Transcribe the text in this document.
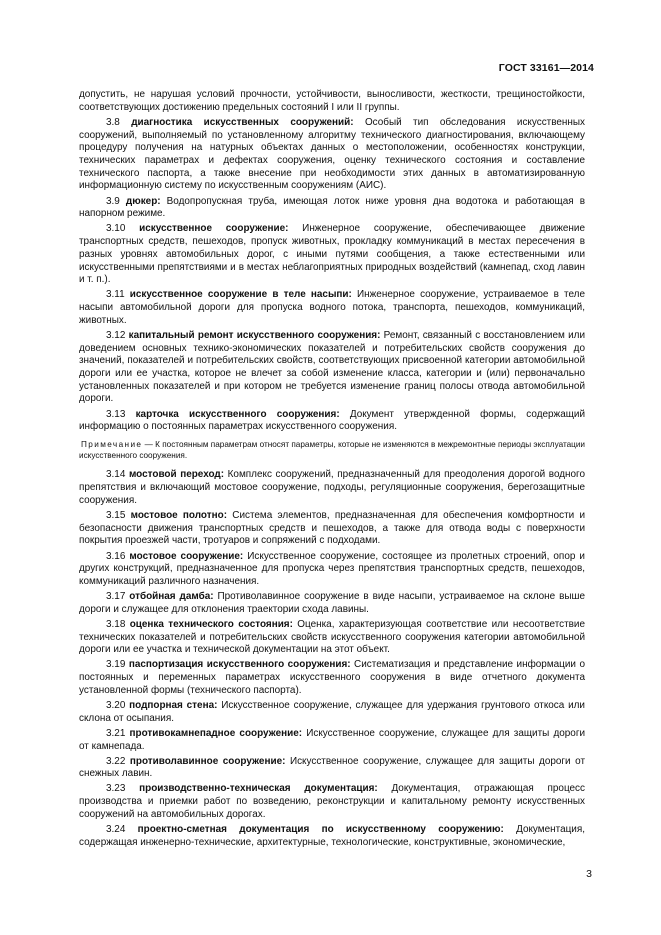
ГОСТ 33161—2014

допустить, не нарушая условий прочности, устойчивости, выносливости, жесткости, трещиностойкости, соответствующих достижению предельных состояний I или II группы.

3.8 диагностика искусственных сооружений: Особый тип обследования искусственных сооружений, выполняемый по установленному алгоритму технического диагностирования, включающему процедуру получения на натурных объектах данных о местоположении, особенностях конструкции, технических параметрах и дефектах сооружения, оценку технического состояния и составление технического паспорта, а также внесение при необходимости этих данных в автоматизированную информационную систему по искусственным сооружениям (АИС).

3.9 дюкер: Водопропускная труба, имеющая лоток ниже уровня дна водотока и работающая в напорном режиме.

3.10 искусственное сооружение: Инженерное сооружение, обеспечивающее движение транспортных средств, пешеходов, пропуск животных, прокладку коммуникаций в местах пересечения в разных уровнях автомобильных дорог, с иными путями сообщения, а также естественными или искусственными препятствиями и в местах неблагоприятных природных воздействий (камнепад, сход лавин и т. п.).

3.11 искусственное сооружение в теле насыпи: Инженерное сооружение, устраиваемое в теле насыпи автомобильной дороги для пропуска водного потока, транспорта, пешеходов, коммуникаций, животных.

3.12 капитальный ремонт искусственного сооружения: Ремонт, связанный с восстановлением или доведением основных технико-экономических показателей и потребительских свойств сооружения до значений, показателей и потребительских свойств, соответствующих присвоенной категории автомобильной дороги или ее участка, которое не влечет за собой изменение класса, категории и (или) первоначально установленных показателей и при котором не требуется изменение границ полосы отвода автомобильной дороги.

3.13 карточка искусственного сооружения: Документ утвержденной формы, содержащий информацию о постоянных параметрах искусственного сооружения.

Примечание — К постоянным параметрам относят параметры, которые не изменяются в межремонтные периоды эксплуатации искусственного сооружения.

3.14 мостовой переход: Комплекс сооружений, предназначенный для преодоления дорогой водного препятствия и включающий мостовое сооружение, подходы, регуляционные сооружения, берегозащитные сооружения.

3.15 мостовое полотно: Система элементов, предназначенная для обеспечения комфортности и безопасности движения транспортных средств и пешеходов, а также для отвода воды с поверхности покрытия проезжей части, тротуаров и сопряжений с подходами.

3.16 мостовое сооружение: Искусственное сооружение, состоящее из пролетных строений, опор и других конструкций, предназначенное для пропуска через препятствия транспортных средств, пешеходов, коммуникаций различного назначения.

3.17 отбойная дамба: Противолавинное сооружение в виде насыпи, устраиваемое на склоне выше дороги и служащее для отклонения траектории схода лавины.

3.18 оценка технического состояния: Оценка, характеризующая соответствие или несоответствие технических показателей и потребительских свойств искусственного сооружения категории автомобильной дороги или ее участка и технической документации на этот объект.

3.19 паспортизация искусственного сооружения: Систематизация и представление информации о постоянных и переменных параметрах искусственного сооружения в виде отчетного документа установленной формы (технического паспорта).

3.20 подпорная стена: Искусственное сооружение, служащее для удержания грунтового откоса или склона от осыпания.

3.21 противокамнепадное сооружение: Искусственное сооружение, служащее для защиты дороги от камнепада.

3.22 противолавинное сооружение: Искусственное сооружение, служащее для защиты дороги от снежных лавин.

3.23 производственно-техническая документация: Документация, отражающая процесс производства и приемки работ по возведению, реконструкции и капитальному ремонту искусственных сооружений на автомобильных дорогах.

3.24 проектно-сметная документация по искусственному сооружению: Документация, содержащая инженерно-технические, архитектурные, технологические, конструктивные, экономические,

3
